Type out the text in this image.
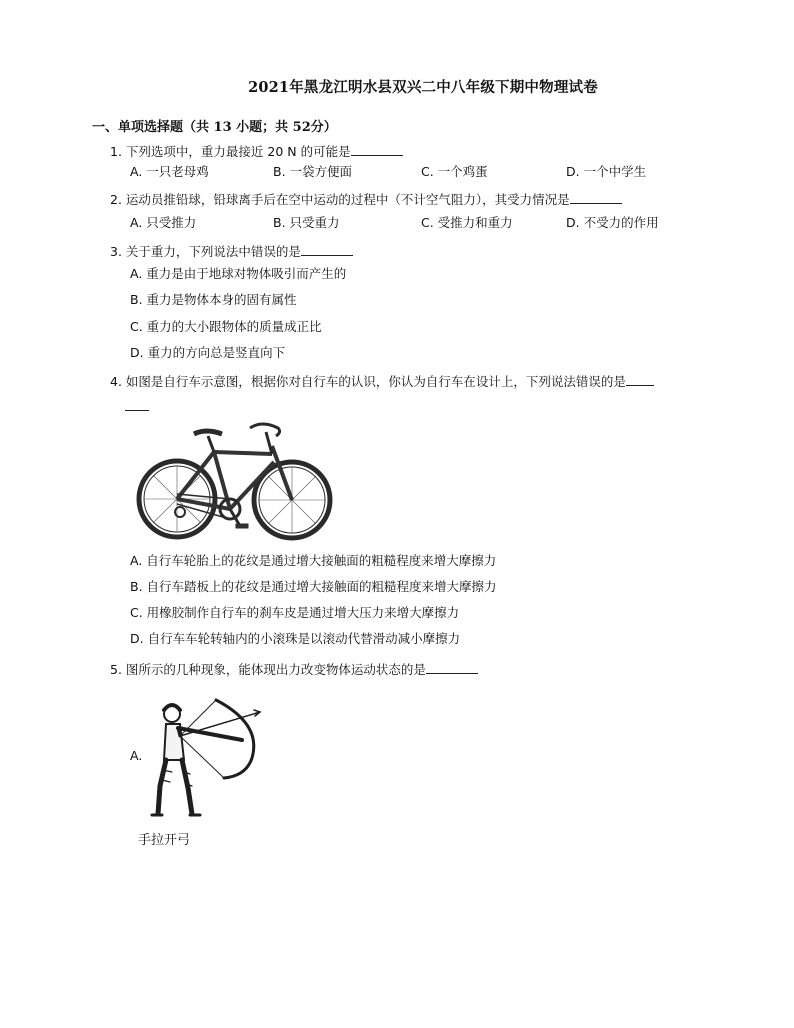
2021年黑龙江明水县双兴二中八年级下期中物理试卷
一、单项选择题（共 13 小题；共 52分）
1. 下列选项中，重力最接近 20 N 的可能是
A. 一只老母鸡	B. 一袋方便面	C. 一个鸡蛋	D. 一个中学生
2. 运动员推铅球，铅球离手后在空中运动的过程中（不计空气阻力），其受力情况是
A. 只受推力	B. 只受重力	C. 受推力和重力	D. 不受力的作用
3. 关于重力，下列说法中错误的是
A. 重力是由于地球对物体吸引而产生的
B. 重力是物体本身的固有属性
C. 重力的大小跟物体的质量成正比
D. 重力的方向总是竖直向下
4. 如图是自行车示意图，根据你对自行车的认识，你认为自行车在设计上，下列说法错误的是
A. 自行车轮胎上的花纹是通过增大接触面的粗糙程度来增大摩擦力
B. 自行车踏板上的花纹是通过增大接触面的粗糙程度来增大摩擦力
C. 用橡胶制作自行车的刹车皮是通过增大压力来增大摩擦力
D. 自行车车轮转轴内的小滚珠是以滚动代替滑动减小摩擦力
5. 图所示的几种现象，能体现出力改变物体运动状态的是
A.
手拉开弓
